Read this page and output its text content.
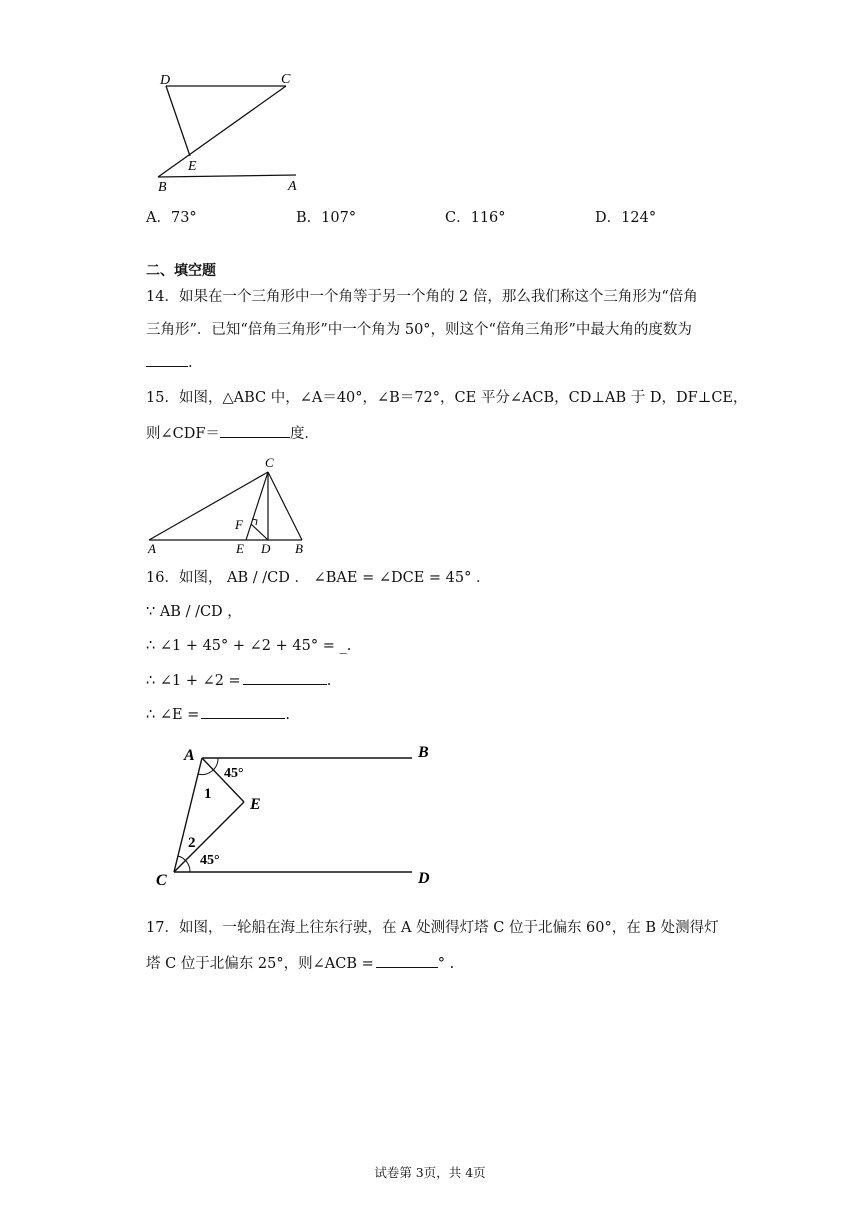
D	C
E
B	A
A．73°	B．107°	C．116°	D．124°
二、填空题
14．如果在一个三角形中一个角等于另一个角的 2 倍，那么我们称这个三角形为“倍角
三角形”．已知“倍角三角形”中一个角为 50°，则这个“倍角三角形”中最大角的度数为
.
15．如图，△ABC 中，∠A＝40°，∠B＝72°，CE 平分∠ACB，CD⊥AB 于 D，DF⊥CE，
则∠CDF＝	度．
C
F
A	E D B
16．如图， AB / /CD ． ∠BAE = ∠DCE = 45° ．
∵ AB / /CD ，
∴ ∠1 + 45° + ∠2 + 45° = _.
∴ ∠1 + ∠2 =	.
∴ ∠E =	.
A	B
E
C	D
1
2
45°
45°
17．如图，一轮船在海上往东行驶，在 A 处测得灯塔 C 位于北偏东 60°，在 B 处测得灯
塔 C 位于北偏东 25°，则∠ACB =	° .
试卷第 3页，共 4页
